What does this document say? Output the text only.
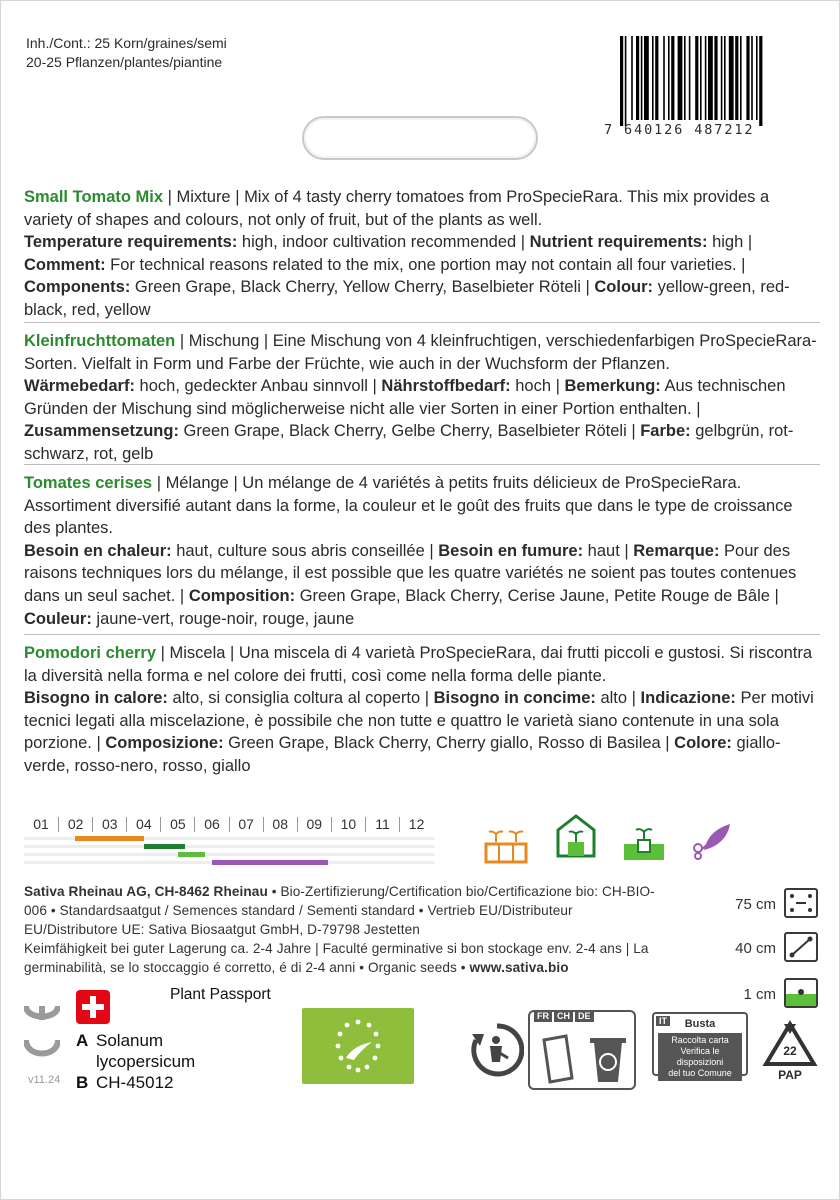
Inh./Cont.: 25 Korn/graines/semi
20-25 Pflanzen/plantes/piantine
7 640126 487212
Small Tomato Mix | Mixture | Mix of 4 tasty cherry tomatoes from ProSpecieRara. This mix provides a variety of shapes and colours, not only of fruit, but of the plants as well.
Temperature requirements: high, indoor cultivation recommended | Nutrient requirements: high | Comment: For technical reasons related to the mix, one portion may not contain all four varieties. | Components: Green Grape, Black Cherry, Yellow Cherry, Baselbieter Röteli | Colour: yellow-green, red-black, red, yellow
Kleinfruchttomaten | Mischung | Eine Mischung von 4 kleinfruchtigen, verschiedenfarbigen ProSpecieRara-Sorten. Vielfalt in Form und Farbe der Früchte, wie auch in der Wuchsform der Pflanzen.
Wärmebedarf: hoch, gedeckter Anbau sinnvoll | Nährstoffbedarf: hoch | Bemerkung: Aus technischen Gründen der Mischung sind möglicherweise nicht alle vier Sorten in einer Portion enthalten. | Zusammensetzung: Green Grape, Black Cherry, Gelbe Cherry, Baselbieter Röteli | Farbe: gelbgrün, rot-schwarz, rot, gelb
Tomates cerises | Mélange | Un mélange de 4 variétés à petits fruits délicieux de ProSpecieRara. Assortiment diversifié autant dans la forme, la couleur et le goût des fruits que dans le type de croissance des plantes.
Besoin en chaleur: haut, culture sous abris conseillée | Besoin en fumure: haut | Remarque: Pour des raisons techniques lors du mélange, il est possible que les quatre variétés ne soient pas toutes contenues dans un seul sachet. | Composition: Green Grape, Black Cherry, Cerise Jaune, Petite Rouge de Bâle | Couleur: jaune-vert, rouge-noir, rouge, jaune
Pomodori cherry | Miscela | Una miscela di 4 varietà ProSpecieRara, dai frutti piccoli e gustosi. Si riscontra la diversità nella forma e nel colore dei frutti, così come nella forma delle piante.
Bisogno in calore: alto, si consiglia coltura al coperto | Bisogno in concime: alto | Indicazione: Per motivi tecnici legati alla miscelazione, è possibile che non tutte e quattro le varietà siano contenute in una sola porzione. | Composizione: Green Grape, Black Cherry, Cherry giallo, Rosso di Basilea | Colore: giallo-verde, rosso-nero, rosso, giallo
01	02	03	04	05	06	07	08	09	10	11	12
Sativa Rheinau AG, CH-8462 Rheinau • Bio-Zertifizierung/Certification bio/Certificazione bio: CH-BIO-006 • Standardsaatgut / Semences standard / Sementi standard • Vertrieb EU/Distributeur EU/Distributore UE: Sativa Biosaatgut GmbH, D-79798 Jestetten
Keimfähigkeit bei guter Lagerung ca. 2-4 Jahre | Faculté germinative si bon stockage env. 2-4 ans | La germinabilità, se lo stoccaggio é corretto, é di 2-4 anni • Organic seeds • www.sativa.bio
75 cm
40 cm
1 cm
Plant Passport
A Solanum
lycopersicum
B CH-45012
v11.24
FR CH DE	IT	Busta
Raccolta carta
Verifica le disposizioni
del tuo Comune
22
PAP
